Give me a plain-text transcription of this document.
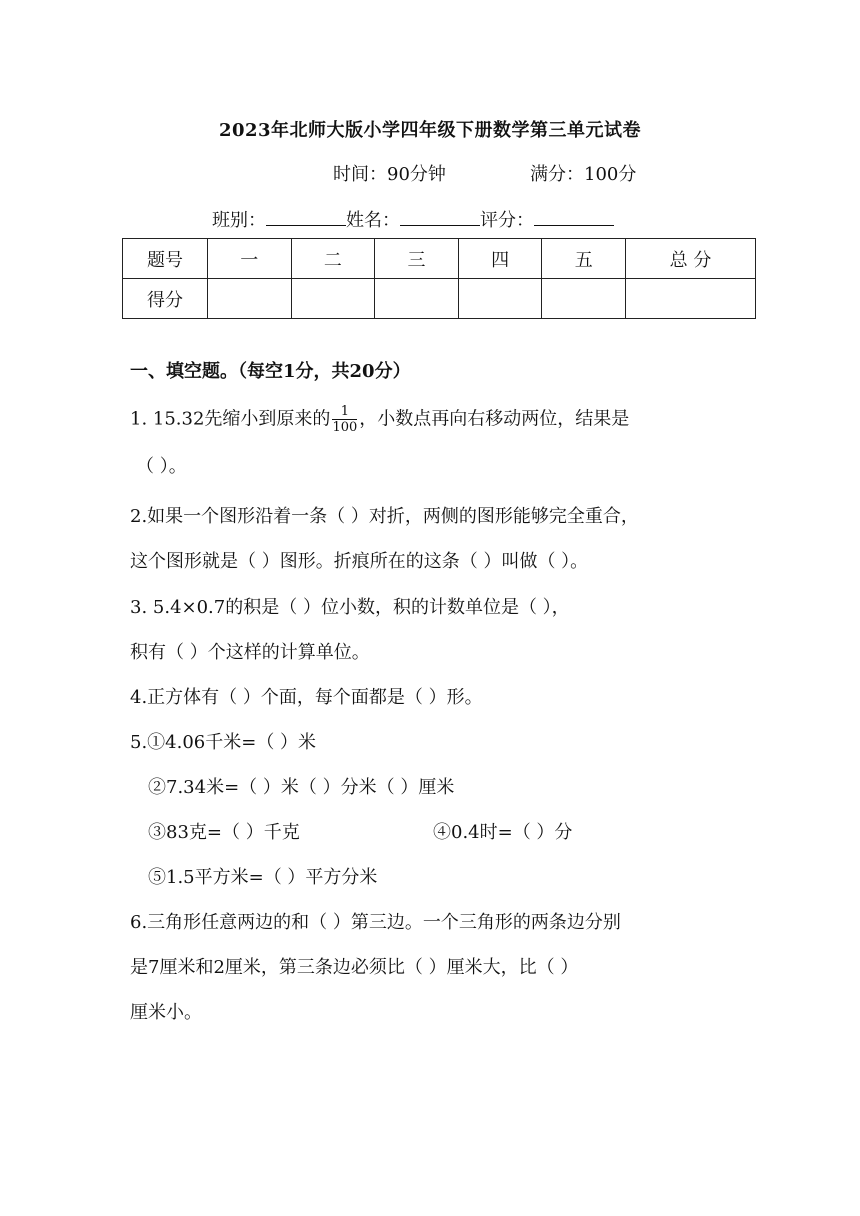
2023年北师大版小学四年级下册数学第三单元试卷
时间：90分钟	满分：100分
班别：	姓名：	评分：
题号	一	二	三	四	五	总 分
得分						
一、填空题。（每空1分，共20分）
1. 15.32先缩小到原来的 $\frac{1}{100}$ ，小数点再向右移动两位，结果是
（ ）。
2.如果一个图形沿着一条（ ）对折，两侧的图形能够完全重合，
这个图形就是（ ）图形。折痕所在的这条（ ）叫做（ ）。
3. 5.4×0.7的积是（ ）位小数，积的计数单位是（ ），
积有（ ）个这样的计算单位。
4.正方体有（ ）个面，每个面都是（ ）形。
5.①4.06千米=（ ）米
②7.34米=（ ）米（ ）分米（ ）厘米
③83克=（ ）千克	④0.4时=（ ）分
⑤1.5平方米=（ ）平方分米
6.三角形任意两边的和（ ）第三边。一个三角形的两条边分别
是7厘米和2厘米，第三条边必须比（ ）厘米大，比（ ）
厘米小。
